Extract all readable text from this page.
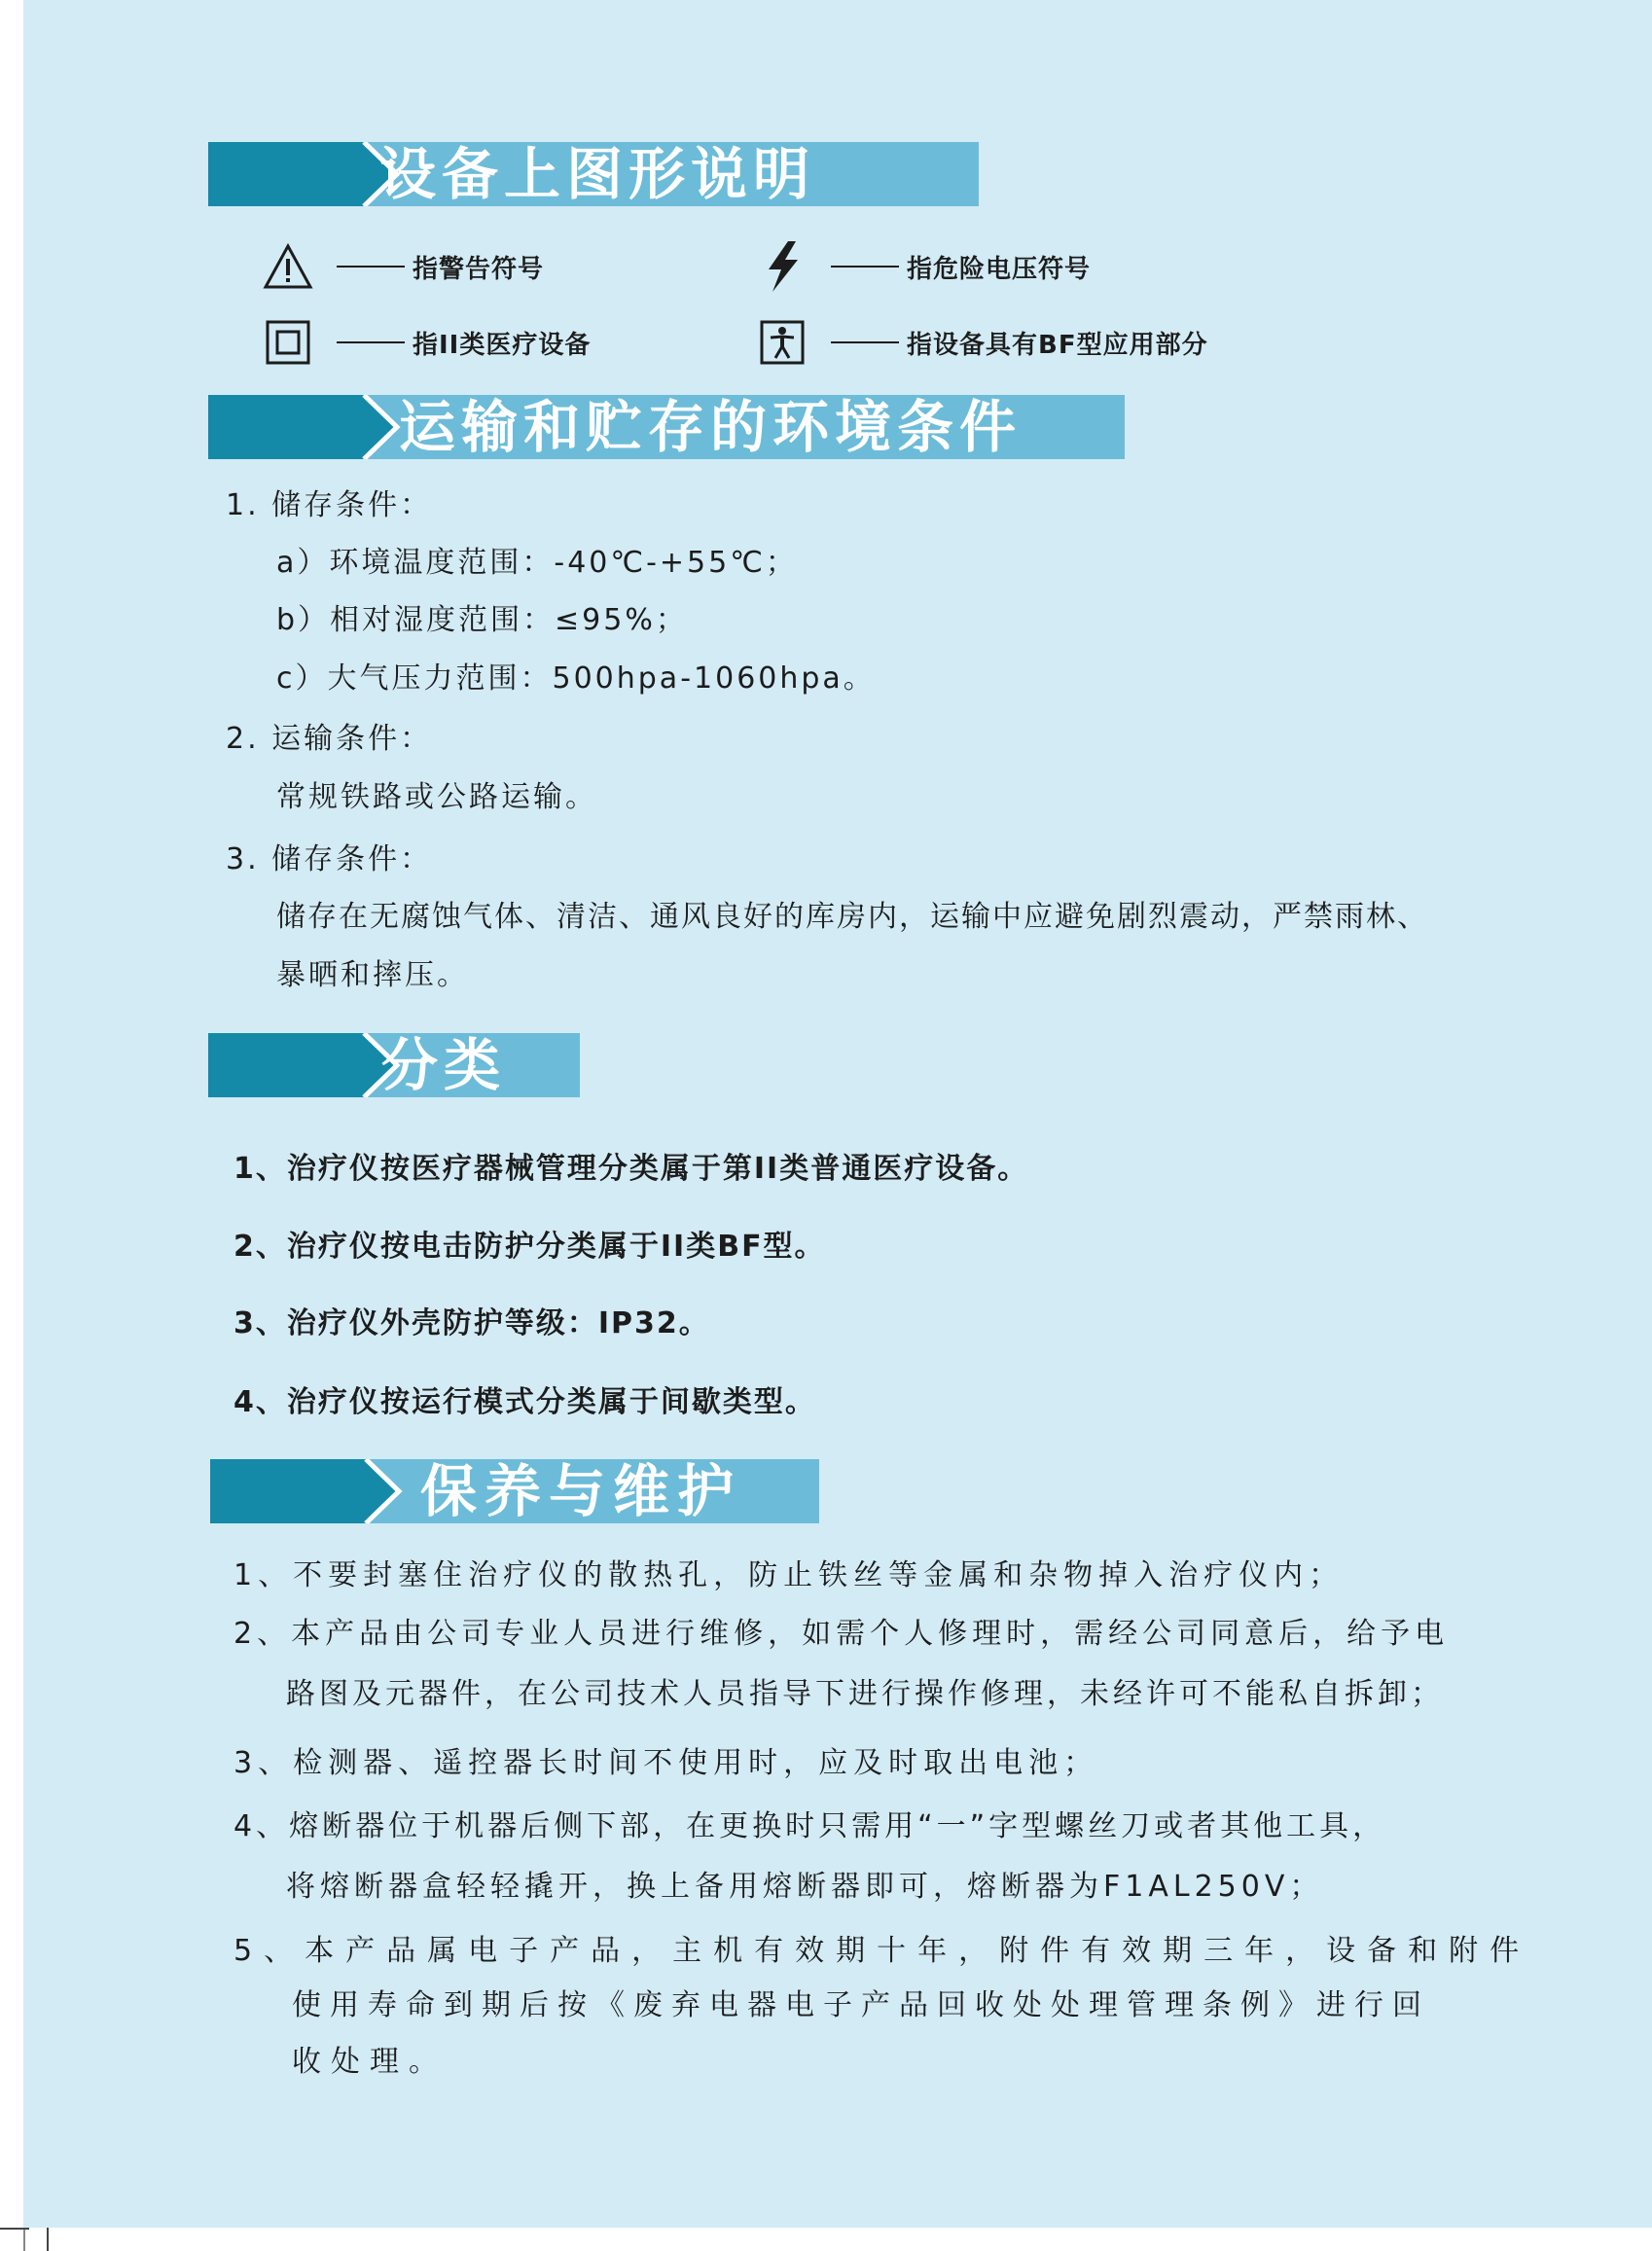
设备上图形说明
指警告符号	指危险电压符号
指II类医疗设备	指设备具有BF型应用部分
运输和贮存的环境条件
1. 储存条件：
a）环境温度范围：-40℃-+55℃；
b）相对湿度范围：≤95%；
c）大气压力范围：500hpa-1060hpa。
2. 运输条件：
常规铁路或公路运输。
3. 储存条件：
储存在无腐蚀气体、清洁、通风良好的库房内，运输中应避免剧烈震动，严禁雨林、
暴晒和摔压。
分类
1、治疗仪按医疗器械管理分类属于第II类普通医疗设备。
2、治疗仪按电击防护分类属于II类BF型。
3、治疗仪外壳防护等级：IP32。
4、治疗仪按运行模式分类属于间歇类型。
保养与维护
1、不要封塞住治疗仪的散热孔，防止铁丝等金属和杂物掉入治疗仪内；
2、本产品由公司专业人员进行维修，如需个人修理时，需经公司同意后，给予电
路图及元器件，在公司技术人员指导下进行操作修理，未经许可不能私自拆卸；
3、检测器、遥控器长时间不使用时，应及时取出电池；
4、熔断器位于机器后侧下部，在更换时只需用“一”字型螺丝刀或者其他工具，
将熔断器盒轻轻撬开，换上备用熔断器即可，熔断器为F1AL250V；
5、本产品属电子产品，主机有效期十年，附件有效期三年，设备和附件
使用寿命到期后按《废弃电器电子产品回收处处理管理条例》进行回
收处理。
